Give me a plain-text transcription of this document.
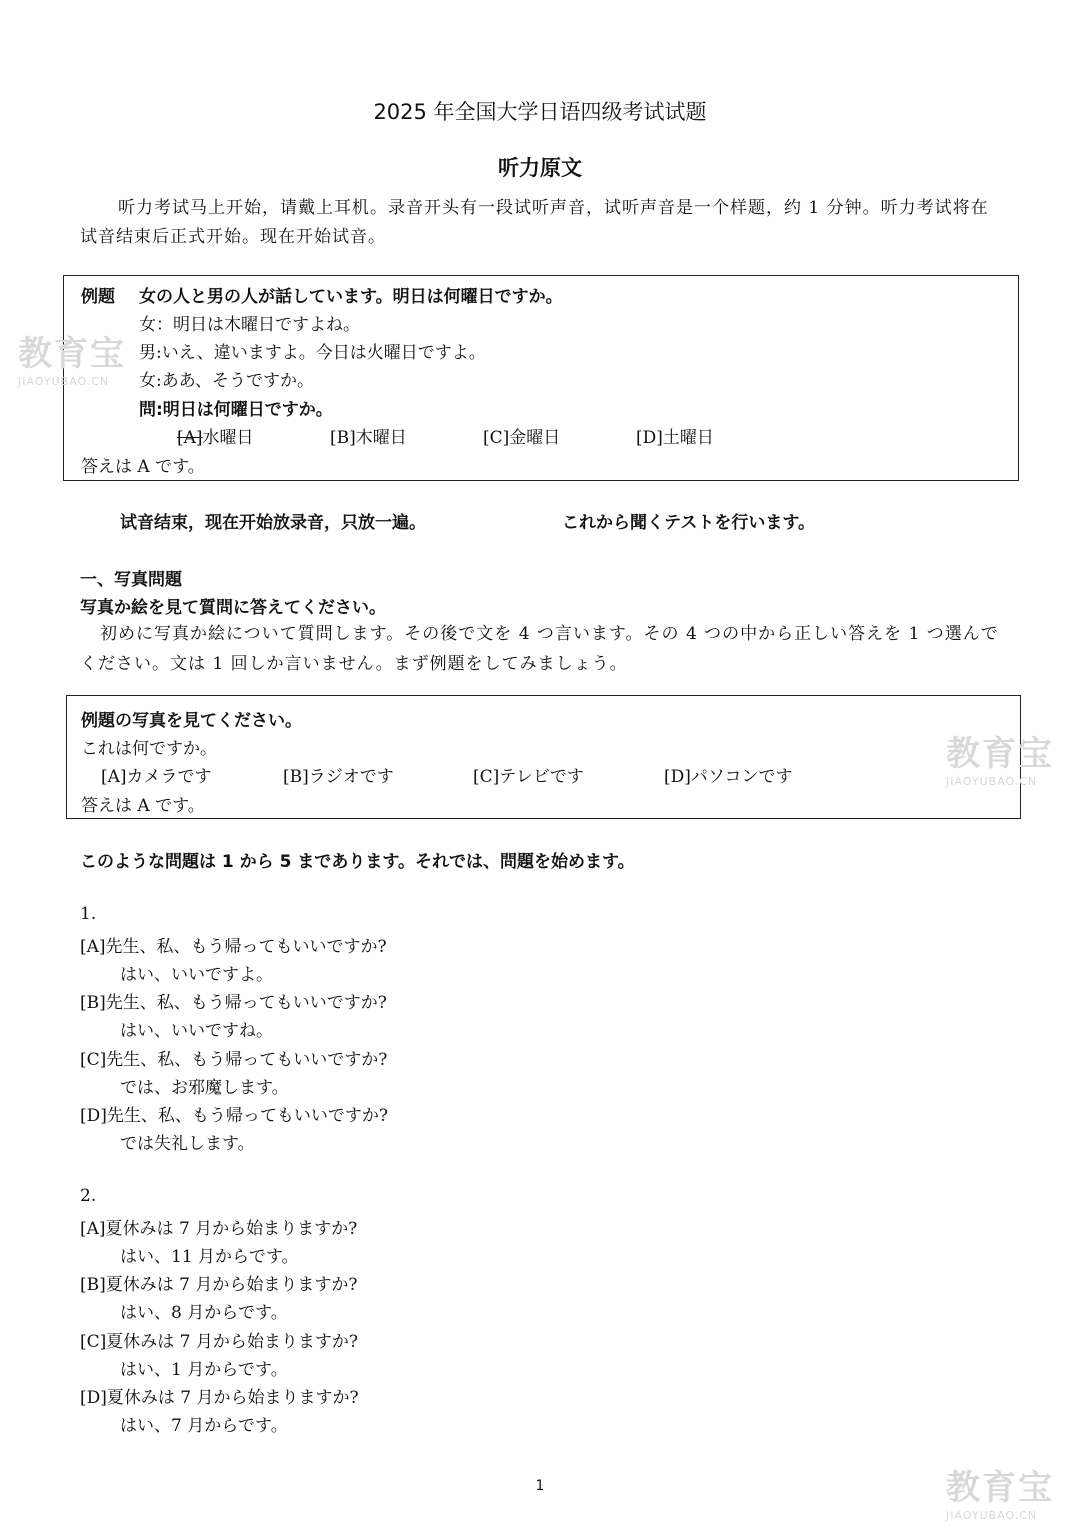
2025 年全国大学日语四级考试试题
听力原文
听力考试马上开始，请戴上耳机。录音开头有一段试听声音，试听声音是一个样题，约 1 分钟。听力考试将在试音结束后正式开始。现在开始试音。
例题 女の人と男の人が話しています。明日は何曜日ですか。
女：明日は木曜日ですよね。
男:いえ、違いますよ。今日は火曜日ですよ。
女:ああ、そうですか。
問:明日は何曜日ですか。
[A]水曜日	[B]木曜日	[C]金曜日	[D]土曜日
答えは A です。
试音结束，现在开始放录音，只放一遍。	これから聞くテストを行います。
一、写真問題
写真か絵を見て質問に答えてください。
初めに写真か絵について質問します。その後で文を 4 つ言います。その 4 つの中から正しい答えを 1 つ選んでください。文は 1 回しか言いません。まず例題をしてみましょう。
例題の写真を見てください。
これは何ですか。
[A]カメラです	[B]ラジオです	[C]テレビです	[D]パソコンです
答えは A です。
このような問題は 1 から 5 まであります。それでは、問題を始めます。
1.
[A]先生、私、もう帰ってもいいですか?
はい、いいですよ。
[B]先生、私、もう帰ってもいいですか?
はい、いいですね。
[C]先生、私、もう帰ってもいいですか?
では、お邪魔します。
[D]先生、私、もう帰ってもいいですか?
では失礼します。
2.
[A]夏休みは 7 月から始まりますか?
はい、11 月からです。
[B]夏休みは 7 月から始まりますか?
はい、8 月からです。
[C]夏休みは 7 月から始まりますか?
はい、1 月からです。
[D]夏休みは 7 月から始まりますか?
はい、7 月からです。
1
教育宝
JIAOYUBAO.CN
教育宝
JIAOYUBAO.CN
教育宝
JIAOYUBAO.CN
